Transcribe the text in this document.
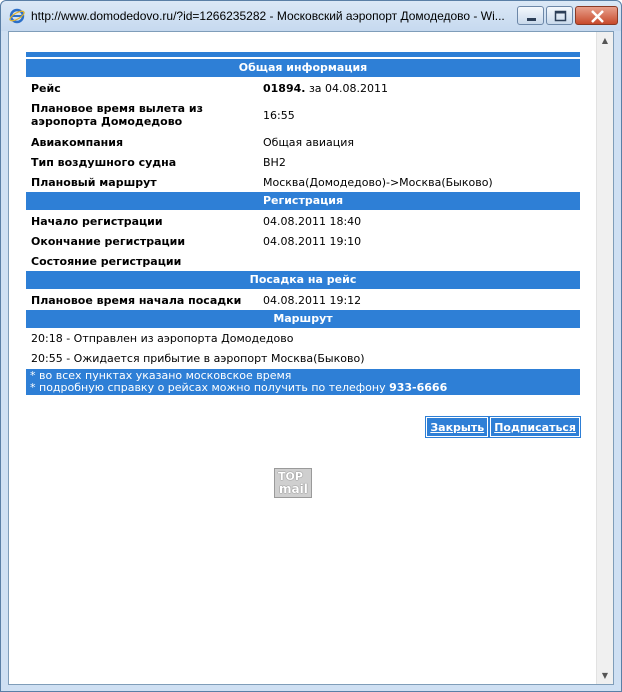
http://www.domodedovo.ru/?id=1266235282 - Московский аэропорт Домодедово - Wi...
▲
▼
Общая информация
Рейс	01894. за 04.08.2011
Плановое время вылета из аэропорта Домодедово	16:55
Авиакомпания	Общая авиация
Тип воздушного судна	ВН2
Плановый маршрут	Москва(Домодедово)->Москва(Быково)
Регистрация
Начало регистрации	04.08.2011 18:40
Окончание регистрации	04.08.2011 19:10
Состояние регистрации
Посадка на рейс
Плановое время начала посадки	04.08.2011 19:12
Маршрут
20:18 - Отправлен из аэропорта Домодедово
20:55 - Ожидается прибытие в аэропорт Москва(Быково)
* во всех пунктах указано московское время
* подробную справку о рейсах можно получить по телефону 933-6666
Закрыть Подписаться
TOP
mail
